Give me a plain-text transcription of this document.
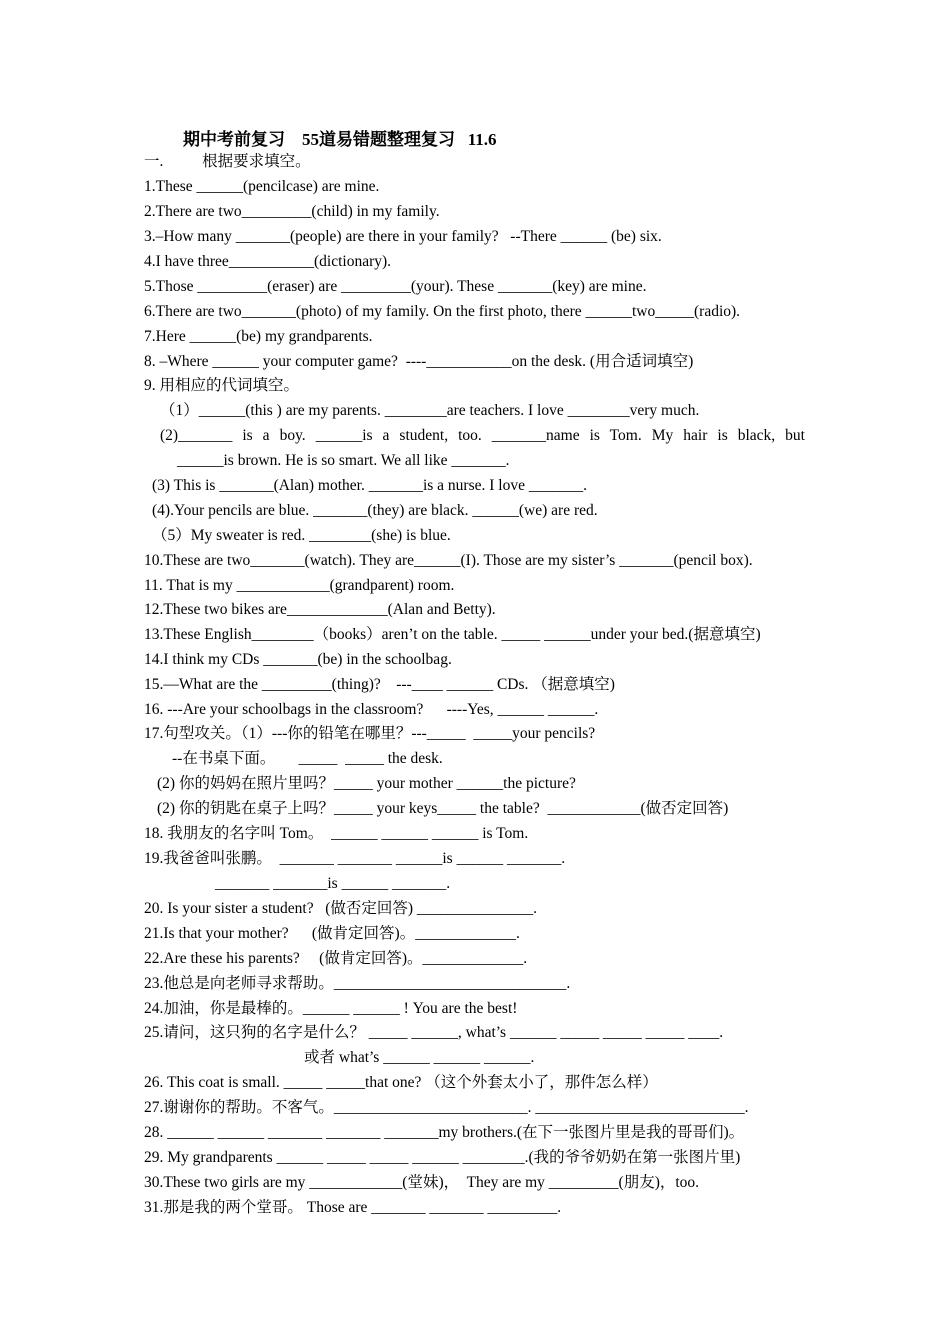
期中考前复习    55道易错题整理复习   11.6
一.          根据要求填空。
1.These ______(pencilcase) are mine.
2.There are two_________(child) in my family.
3.–How many _______(people) are there in your family?   --There ______ (be) six.
4.I have three___________(dictionary).
5.Those _________(eraser) are _________(your). These _______(key) are mine.
6.There are two_______(photo) of my family. On the first photo, there ______two_____(radio).
7.Here ______(be) my grandparents.
8. –Where ______ your computer game?  ----___________on the desk. (用合适词填空)
9. 用相应的代词填空。
（1）______(this ) are my parents. ________are teachers. I love ________very much.
(2)_______ is a boy. ______is a student, too. _______name is Tom. My hair is black, but
______is brown. He is so smart. We all like _______.
(3) This is _______(Alan) mother. _______is a nurse. I love _______.
(4).Your pencils are blue. _______(they) are black. ______(we) are red.
（5）My sweater is red. ________(she) is blue.
10.These are two_______(watch). They are______(I). Those are my sister’s _______(pencil box).
11. That is my ____________(grandparent) room.
12.These two bikes are_____________(Alan and Betty).
13.These English________（books）aren’t on the table. _____ ______under your bed.(据意填空)
14.I think my CDs _______(be) in the schoolbag.
15.—What are the _________(thing)?    ---____ ______ CDs. （据意填空)
16. ---Are your schoolbags in the classroom?      ----Yes, ______ ______.
17.句型攻关。（1）---你的铅笔在哪里？---_____  _____your pencils?
--在书桌下面。      _____  _____ the desk.
(2) 你的妈妈在照片里吗？_____ your mother ______the picture?
(2) 你的钥匙在桌子上吗？_____ your keys_____ the table?  ____________(做否定回答)
18. 我朋友的名字叫 Tom。  ______ ______ ______ is Tom.
19.我爸爸叫张鹏。  _______ _______ ______is ______ _______.
_______ _______is ______ _______.
20. Is your sister a student?   (做否定回答) _______________.
21.Is that your mother?      (做肯定回答)。_____________.
22.Are these his parents?     (做肯定回答)。_____________.
23.他总是向老师寻求帮助。______________________________.
24.加油，你是最棒的。______ ______ ! You are the best!
25.请问，这只狗的名字是什么？ _____ ______, what’s ______ _____ _____ _____ ____.
或者 what’s ______ ______ ______.
26. This coat is small. _____ _____that one? （这个外套太小了，那件怎么样）
27.谢谢你的帮助。不客气。_________________________. ___________________________.
28. ______ ______ _______ _______ _______my brothers.(在下一张图片里是我的哥哥们)。
29. My grandparents ______ _____ _____ ______ ________.(我的爷爷奶奶在第一张图片里)
30.These two girls are my ____________(堂妹)，  They are my _________(朋友)，too.
31.那是我的两个堂哥。 Those are _______ _______ _________.
